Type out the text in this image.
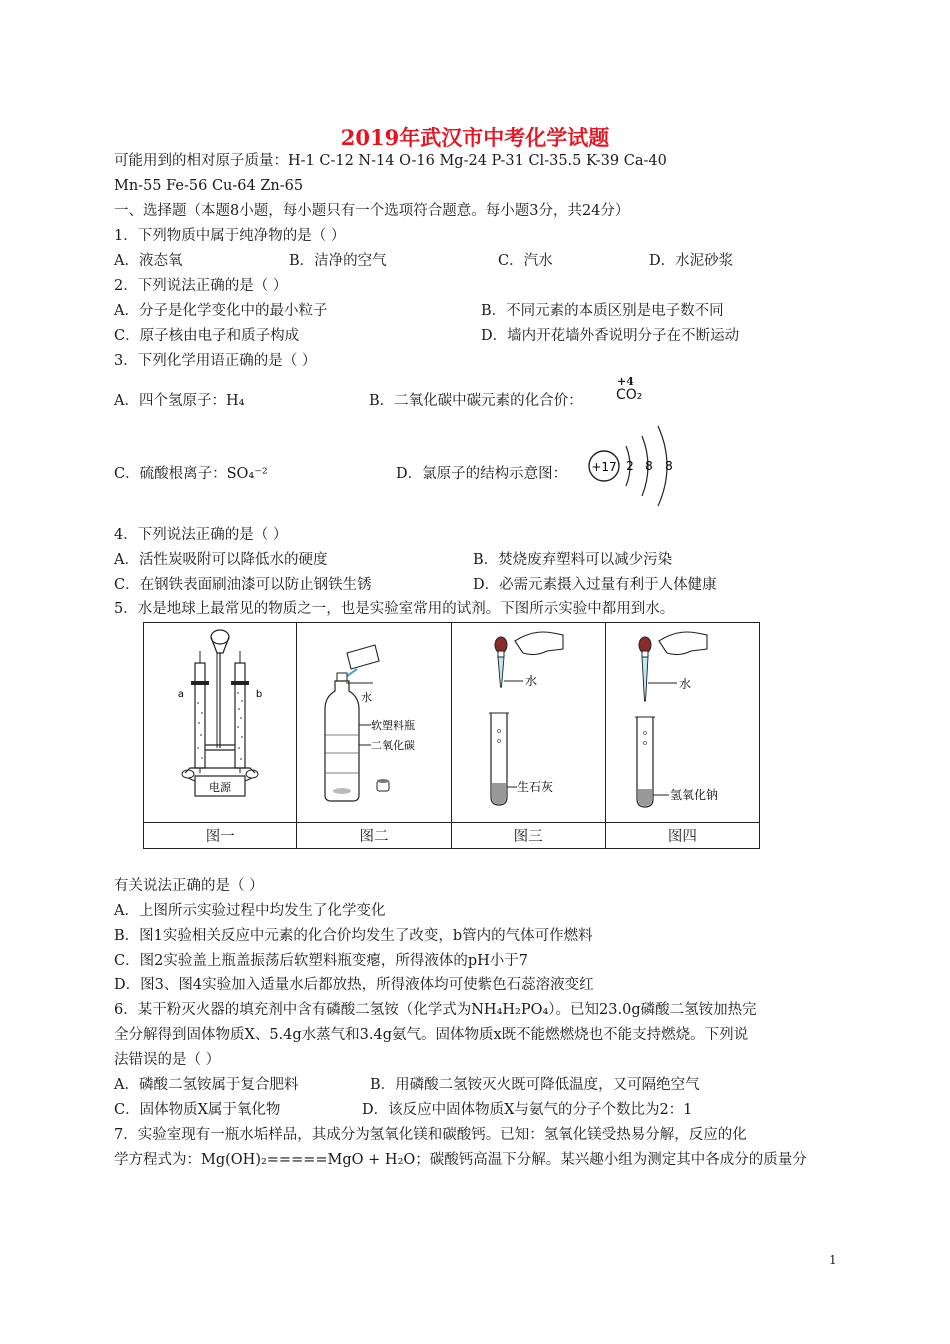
2019年武汉市中考化学试题
可能用到的相对原子质量：H-1 C-12 N-14 O-16 Mg-24 P-31 Cl-35.5 K-39 Ca-40
Mn-55 Fe-56 Cu-64 Zn-65
一、选择题（本题8小题，每小题只有一个选项符合题意。每小题3分，共24分）
1．下列物质中属于纯净物的是（ ）
A．液态氧	B．洁净的空气	C．汽水	D．水泥砂浆
2．下列说法正确的是（ ）
A．分子是化学变化中的最小粒子	B．不同元素的本质区别是电子数不同
C．原子核由电子和质子构成	D．墙内开花墙外香说明分子在不断运动
3．下列化学用语正确的是（ ）
A．四个氢原子：H₄	B．二氧化碳中碳元素的化合价：
+4
CO₂
C．硫酸根离子：SO₄⁻²	D．氯原子的结构示意图： +17 2 8 8
4．下列说法正确的是（ ）
A．活性炭吸附可以降低水的硬度	B．焚烧废弃塑料可以减少污染
C．在钢铁表面刷油漆可以防止钢铁生锈	D．必需元素摄入过量有利于人体健康
5．水是地球上最常见的物质之一，也是实验室常用的试剂。下图所示实验中都用到水。
电源
a b	水
软塑料瓶
二氧化碳	水
o
o
生石灰	水
o
o
氢氧化钠

图一	图二	图三	图四
有关说法正确的是（ ）
A．上图所示实验过程中均发生了化学变化
B．图1实验相关反应中元素的化合价均发生了改变，b管内的气体可作燃料
C．图2实验盖上瓶盖振荡后软塑料瓶变瘪，所得液体的pH小于7
D．图3、图4实验加入适量水后都放热，所得液体均可使紫色石蕊溶液变红
6．某干粉灭火器的填充剂中含有磷酸二氢铵（化学式为NH₄H₂PO₄）。已知23.0g磷酸二氢铵加热完
全分解得到固体物质X、5.4g水蒸气和3.4g氨气。固体物质x既不能燃燃烧也不能支持燃烧。下列说
法错误的是（ ）
A．磷酸二氢铵属于复合肥料	B．用磷酸二氢铵灭火既可降低温度，又可隔绝空气
C．固体物质X属于氧化物	D．该反应中固体物质X与氨气的分子个数比为2：1
7．实验室现有一瓶水垢样品，其成分为氢氧化镁和碳酸钙。已知：氢氧化镁受热易分解，反应的化
学方程式为：Mg(OH)₂=====MgO + H₂O；碳酸钙高温下分解。某兴趣小组为测定其中各成分的质量分
1
